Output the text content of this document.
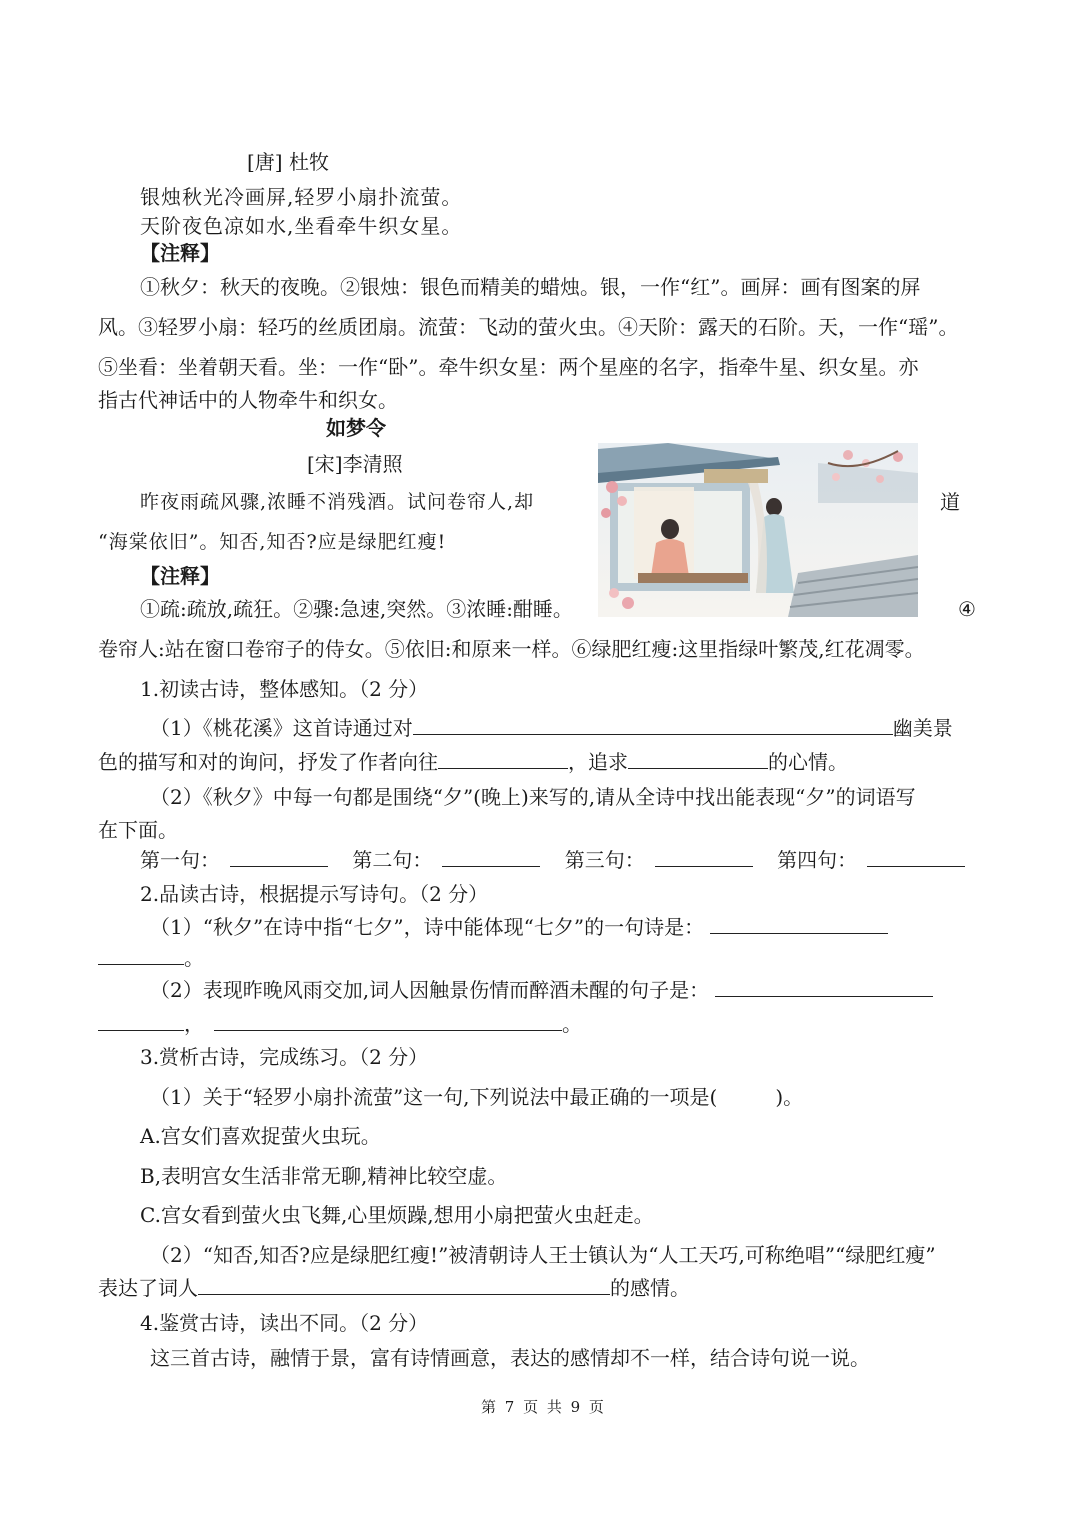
[唐] 杜牧
银烛秋光冷画屏,轻罗小扇扑流萤。
天阶夜色凉如水,坐看牵牛织女星。
【注释】
①秋夕：秋天的夜晚。②银烛：银色而精美的蜡烛。银，一作“红”。画屏：画有图案的屏
风。③轻罗小扇：轻巧的丝质团扇。流萤：飞动的萤火虫。④天阶：露天的石阶。天，一作“瑶”。
⑤坐看：坐着朝天看。坐：一作“卧”。牵牛织女星：两个星座的名字，指牵牛星、织女星。亦
指古代神话中的人物牵牛和织女。
如梦令
[宋]李清照
昨夜雨疏风骤,浓睡不消残酒。试问卷帘人,却	道
“海棠依旧”。知否,知否?应是绿肥红瘦!
【注释】
①疏:疏放,疏狂。②骤:急速,突然。③浓睡:酣睡。	④
卷帘人:站在窗口卷帘子的侍女。⑤依旧:和原来一样。⑥绿肥红瘦:这里指绿叶繁茂,红花凋零。
1.初读古诗，整体感知。（2 分）
（1）《桃花溪》这首诗通过对	幽美景
色的描写和对的询问，抒发了作者向往	，追求	的心情。
（2）《秋夕》中每一句都是围绕“夕”(晚上)来写的,请从全诗中找出能表现“夕”的词语写
在下面。
第一句：	第二句：	第三句：	第四句：
2.品读古诗，根据提示写诗句。（2 分）
（1）“秋夕”在诗中指“七夕”，诗中能体现“七夕”的一句诗是：
。
（2）表现昨晚风雨交加,词人因触景伤情而醉酒未醒的句子是：
，	。
3.赏析古诗，完成练习。（2 分）
（1）关于“轻罗小扇扑流萤”这一句,下列说法中最正确的一项是(	)。
A.宫女们喜欢捉萤火虫玩。
B,表明宫女生活非常无聊,精神比较空虚。
C.宫女看到萤火虫飞舞,心里烦躁,想用小扇把萤火虫赶走。
（2）“知否,知否?应是绿肥红瘦!”被清朝诗人王士镇认为“人工天巧,可称绝唱”“绿肥红瘦”
表达了词人	的感情。
4.鉴赏古诗，读出不同。（2 分）
这三首古诗，融情于景，富有诗情画意，表达的感情却不一样，结合诗句说一说。
第 7 页 共 9 页
